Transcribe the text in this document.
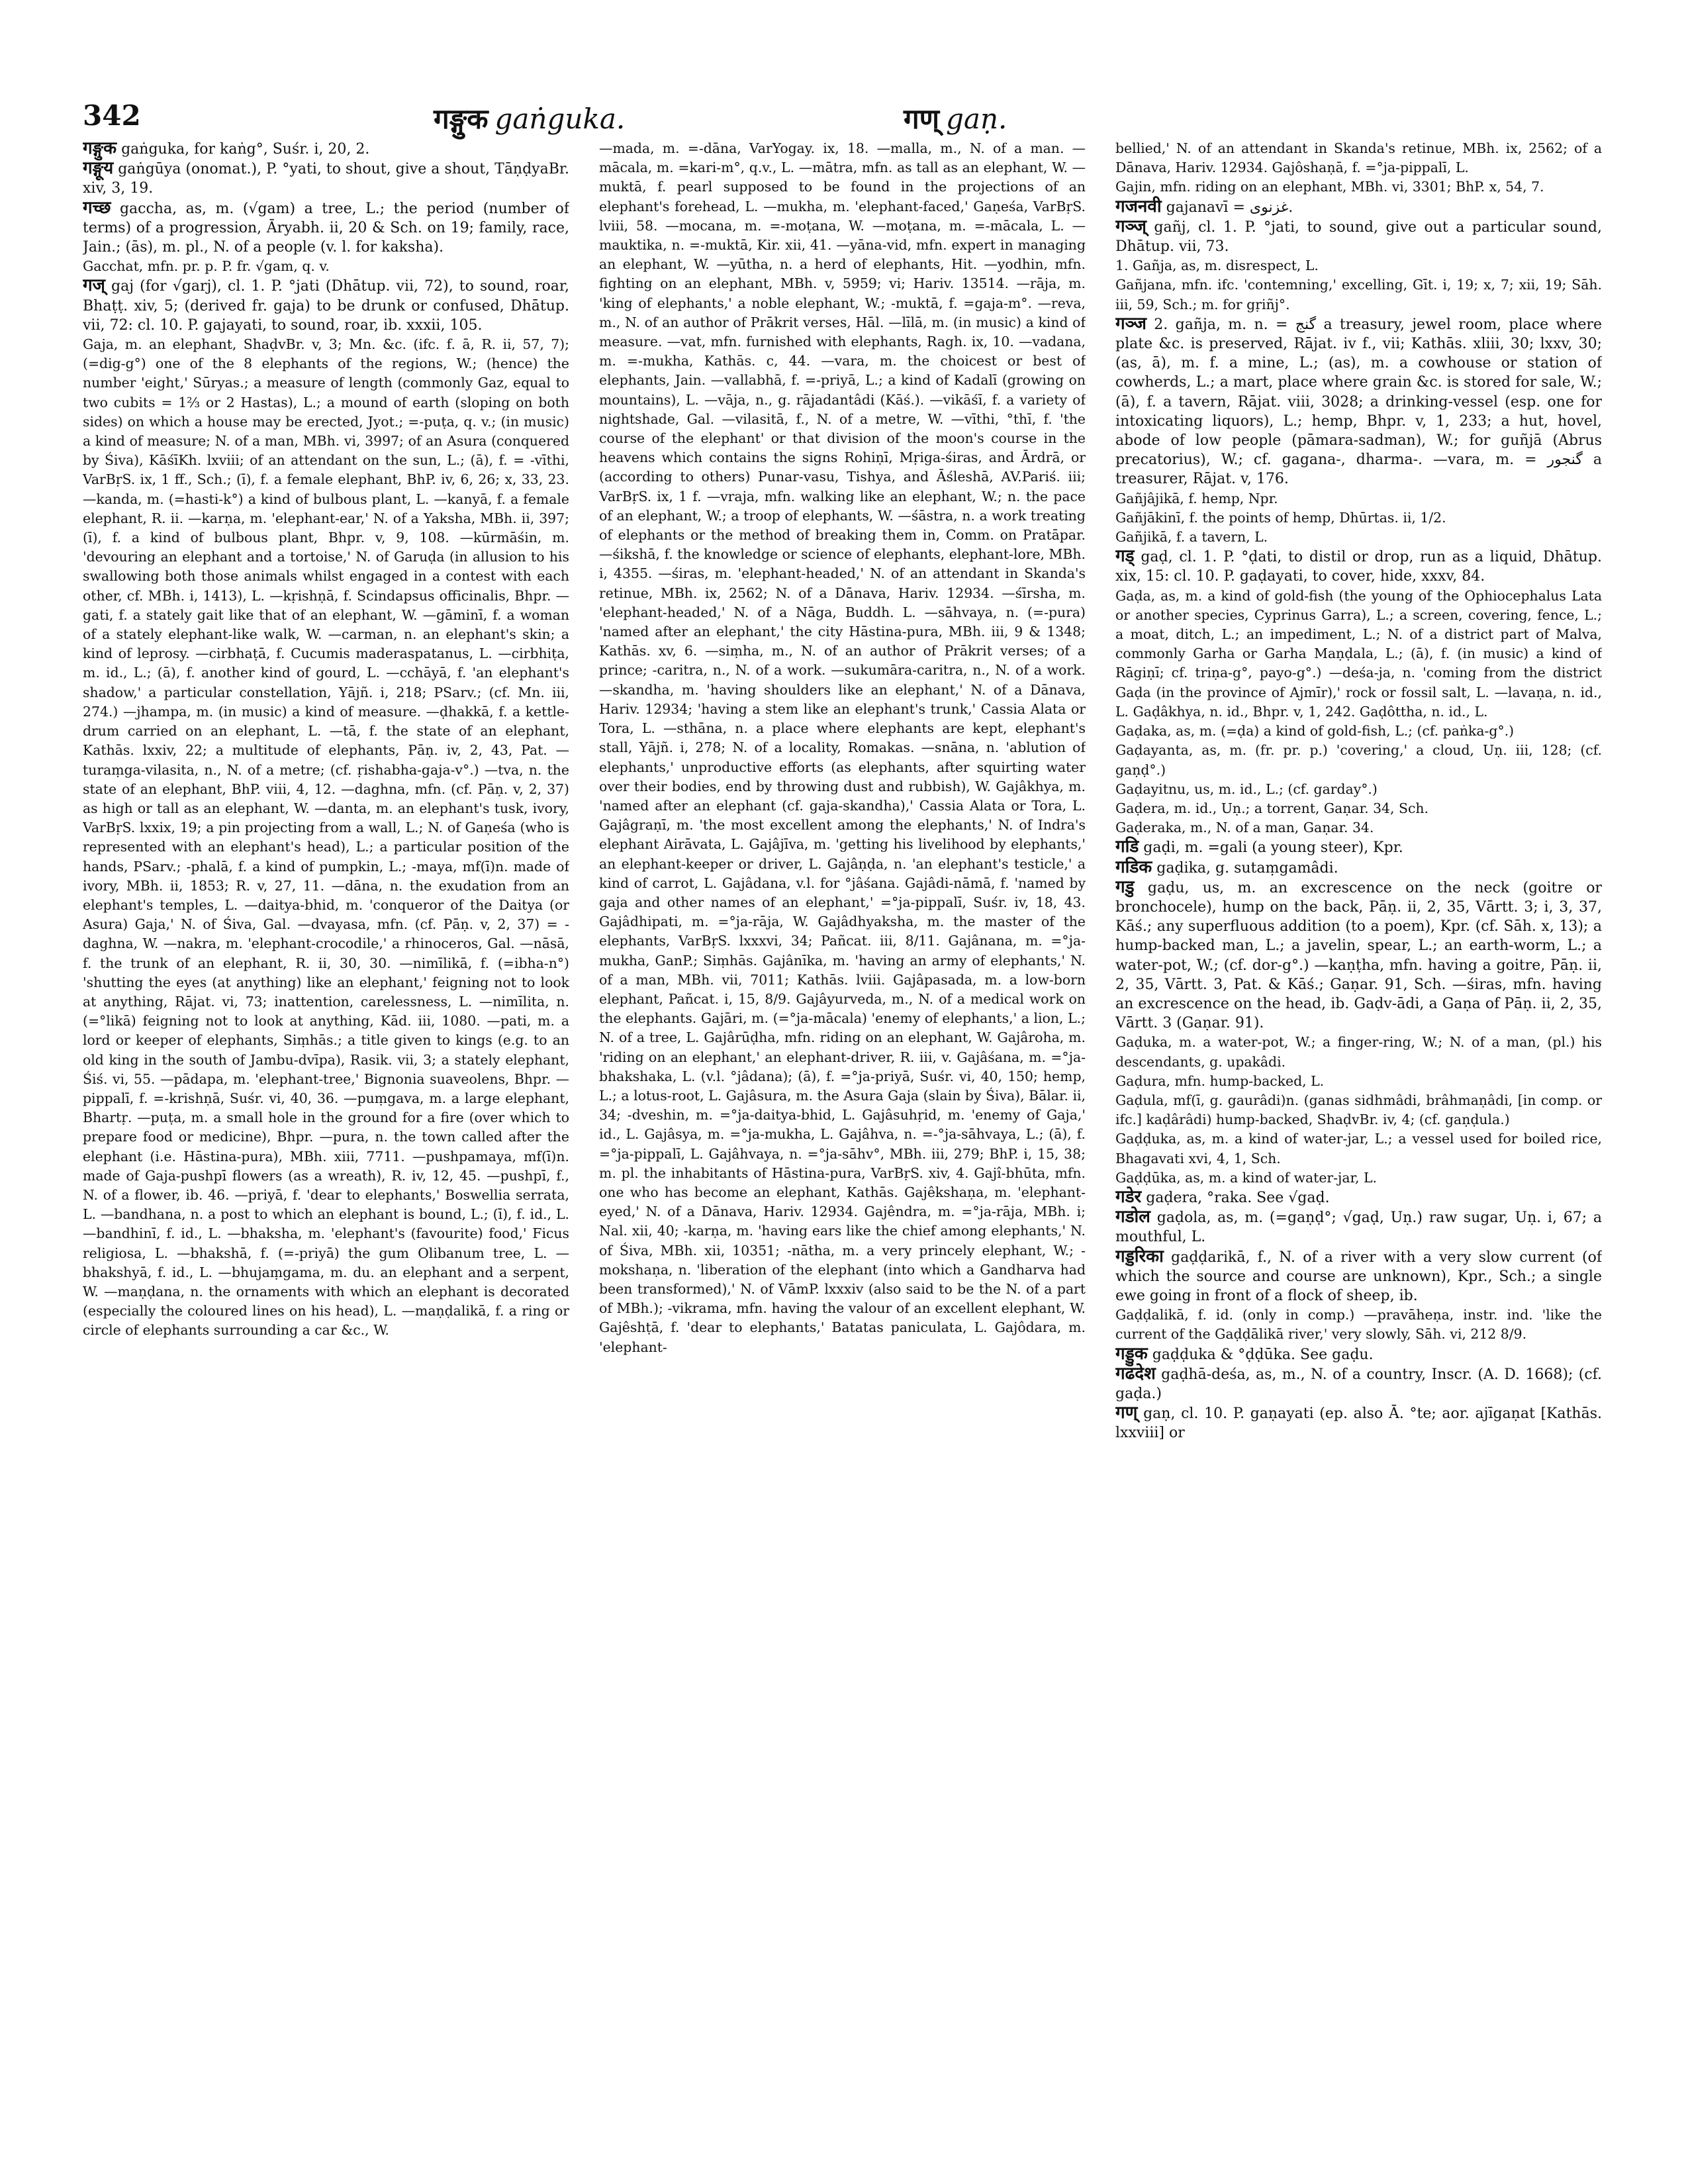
342	गङ्गुक gaṅguka.	गण् gaṇ.

गङ्गुक gaṅguka, for kaṅg°, Suśr. i, 20, 2.

गङ्गूय gaṅgūya (onomat.), P. °yati, to shout, give a shout, TāṇḍyaBr. xiv, 3, 19.

गच्छ gaccha, as, m. (√gam) a tree, L.; the period (number of terms) of a progression, Āryabh. ii, 20 & Sch. on 19; family, race, Jain.; (ās), m. pl., N. of a people (v. l. for kaksha).

Gacchat, mfn. pr. p. P. fr. √gam, q. v.

गज् gaj (for √garj), cl. 1. P. °jati (Dhātup. vii, 72), to sound, roar, Bhaṭṭ. xiv, 5; (derived fr. gaja) to be drunk or confused, Dhātup. vii, 72: cl. 10. P. gajayati, to sound, roar, ib. xxxii, 105.

Gaja, m. an elephant, ShaḍvBr. v, 3; Mn. &c. (ifc. f. ā, R. ii, 57, 7); (=dig-g°) one of the 8 elephants of the regions, W.; (hence) the number 'eight,' Sūryas.; a measure of length (commonly Gaz, equal to two cubits = 1⅔ or 2 Hastas), L.; a mound of earth (sloping on both sides) on which a house may be erected, Jyot.; =-puṭa, q. v.; (in music) a kind of measure; N. of a man, MBh. vi, 3997; of an Asura (conquered by Śiva), KāśīKh. lxviii; of an attendant on the sun, L.; (ā), f. = -vīthi, VarBṛS. ix, 1 ff., Sch.; (ī), f. a female elephant, BhP. iv, 6, 26; x, 33, 23. —kanda, m. (=hasti-k°) a kind of bulbous plant, L. —kanyā, f. a female elephant, R. ii. —karṇa, m. 'elephant-ear,' N. of a Yaksha, MBh. ii, 397; (ī), f. a kind of bulbous plant, Bhpr. v, 9, 108. —kūrmāśin, m. 'devouring an elephant and a tortoise,' N. of Garuḍa (in allusion to his swallowing both those animals whilst engaged in a contest with each other, cf. MBh. i, 1413), L. —kṛishṇā, f. Scindapsus officinalis, Bhpr. —gati, f. a stately gait like that of an elephant, W. —gāminī, f. a woman of a stately elephant-like walk, W. —carman, n. an elephant's skin; a kind of leprosy. —cirbhaṭā, f. Cucumis maderaspatanus, L. —cirbhiṭa, m. id., L.; (ā), f. another kind of gourd, L. —cchāyā, f. 'an elephant's shadow,' a particular constellation, Yājñ. i, 218; PSarv.; (cf. Mn. iii, 274.) —jhampa, m. (in music) a kind of measure. —ḍhakkā, f. a kettle-drum carried on an elephant, L. —tā, f. the state of an elephant, Kathās. lxxiv, 22; a multitude of elephants, Pāṇ. iv, 2, 43, Pat. —turaṃga-vilasita, n., N. of a metre; (cf. ṛishabha-gaja-v°.) —tva, n. the state of an elephant, BhP. viii, 4, 12. —daghna, mfn. (cf. Pāṇ. v, 2, 37) as high or tall as an elephant, W. —danta, m. an elephant's tusk, ivory, VarBṛS. lxxix, 19; a pin projecting from a wall, L.; N. of Gaṇeśa (who is represented with an elephant's head), L.; a particular position of the hands, PSarv.; -phalā, f. a kind of pumpkin, L.; -maya, mf(ī)n. made of ivory, MBh. ii, 1853; R. v, 27, 11. —dāna, n. the exudation from an elephant's temples, L. —daitya-bhid, m. 'conqueror of the Daitya (or Asura) Gaja,' N. of Śiva, Gal. —dvayasa, mfn. (cf. Pāṇ. v, 2, 37) = -daghna, W. —nakra, m. 'elephant-crocodile,' a rhinoceros, Gal. —nāsā, f. the trunk of an elephant, R. ii, 30, 30. —nimīlikā, f. (=ibha-n°) 'shutting the eyes (at anything) like an elephant,' feigning not to look at anything, Rājat. vi, 73; inattention, carelessness, L. —nimīlita, n. (=°likā) feigning not to look at anything, Kād. iii, 1080. —pati, m. a lord or keeper of elephants, Siṃhās.; a title given to kings (e.g. to an old king in the south of Jambu-dvīpa), Rasik. vii, 3; a stately elephant, Śiś. vi, 55. —pādapa, m. 'elephant-tree,' Bignonia suaveolens, Bhpr. —pippalī, f. =-krishṇā, Suśr. vi, 40, 36. —puṃgava, m. a large elephant, Bhartṛ. —puṭa, m. a small hole in the ground for a fire (over which to prepare food or medicine), Bhpr. —pura, n. the town called after the elephant (i.e. Hāstina-pura), MBh. xiii, 7711. —pushpamaya, mf(ī)n. made of Gaja-pushpī flowers (as a wreath), R. iv, 12, 45. —pushpī, f., N. of a flower, ib. 46. —priyā, f. 'dear to elephants,' Boswellia serrata, L. —bandhana, n. a post to which an elephant is bound, L.; (ī), f. id., L. —bandhinī, f. id., L. —bhaksha, m. 'elephant's (favourite) food,' Ficus religiosa, L. —bhakshā, f. (=-priyā) the gum Olibanum tree, L. —bhakshyā, f. id., L. —bhujaṃgama, m. du. an elephant and a serpent, W. —maṇḍana, n. the ornaments with which an elephant is decorated (especially the coloured lines on his head), L. —maṇḍalikā, f. a ring or circle of elephants surrounding a car &c., W.

—mada, m. =-dāna, VarYogay. ix, 18. —malla, m., N. of a man. —mācala, m. =kari-m°, q.v., L. —mātra, mfn. as tall as an elephant, W. —muktā, f. pearl supposed to be found in the projections of an elephant's forehead, L. —mukha, m. 'elephant-faced,' Gaṇeśa, VarBṛS. lviii, 58. —mocana, m. =-moṭana, W. —moṭana, m. =-mācala, L. —mauktika, n. =-muktā, Kir. xii, 41. —yāna-vid, mfn. expert in managing an elephant, W. —yūtha, n. a herd of elephants, Hit. —yodhin, mfn. fighting on an elephant, MBh. v, 5959; vi; Hariv. 13514. —rāja, m. 'king of elephants,' a noble elephant, W.; -muktā, f. =gaja-m°. —reva, m., N. of an author of Prākrit verses, Hāl. —līlā, m. (in music) a kind of measure. —vat, mfn. furnished with elephants, Ragh. ix, 10. —vadana, m. =-mukha, Kathās. c, 44. —vara, m. the choicest or best of elephants, Jain. —vallabhā, f. =-priyā, L.; a kind of Kadalī (growing on mountains), L. —vāja, n., g. rājadantâdi (Kāś.). —vikāśī, f. a variety of nightshade, Gal. —vilasitā, f., N. of a metre, W. —vīthi, °thī, f. 'the course of the elephant' or that division of the moon's course in the heavens which contains the signs Rohiṇī, Mṛiga-śiras, and Ārdrā, or (according to others) Punar-vasu, Tishya, and Āśleshā, AV.Pariś. iii; VarBṛS. ix, 1 f. —vraja, mfn. walking like an elephant, W.; n. the pace of an elephant, W.; a troop of elephants, W. —śāstra, n. a work treating of elephants or the method of breaking them in, Comm. on Pratāpar. —śikshā, f. the knowledge or science of elephants, elephant-lore, MBh. i, 4355. —śiras, m. 'elephant-headed,' N. of an attendant in Skanda's retinue, MBh. ix, 2562; N. of a Dānava, Hariv. 12934. —śīrsha, m. 'elephant-headed,' N. of a Nāga, Buddh. L. —sāhvaya, n. (=-pura) 'named after an elephant,' the city Hāstina-pura, MBh. iii, 9 & 1348; Kathās. xv, 6. —siṃha, m., N. of an author of Prākrit verses; of a prince; -caritra, n., N. of a work. —sukumāra-caritra, n., N. of a work. —skandha, m. 'having shoulders like an elephant,' N. of a Dānava, Hariv. 12934; 'having a stem like an elephant's trunk,' Cassia Alata or Tora, L. —sthāna, n. a place where elephants are kept, elephant's stall, Yājñ. i, 278; N. of a locality, Romakas. —snāna, n. 'ablution of elephants,' unproductive efforts (as elephants, after squirting water over their bodies, end by throwing dust and rubbish), W. Gajâkhya, m. 'named after an elephant (cf. gaja-skandha),' Cassia Alata or Tora, L. Gajâgraṇī, m. 'the most excellent among the elephants,' N. of Indra's elephant Airāvata, L. Gajâjīva, m. 'getting his livelihood by elephants,' an elephant-keeper or driver, L. Gajâṇḍa, n. 'an elephant's testicle,' a kind of carrot, L. Gajâdana, v.l. for °jâśana. Gajâdi-nāmā, f. 'named by gaja and other names of an elephant,' =°ja-pippalī, Suśr. iv, 18, 43. Gajâdhipati, m. =°ja-rāja, W. Gajâdhyaksha, m. the master of the elephants, VarBṛS. lxxxvi, 34; Pañcat. iii, 8/11. Gajânana, m. =°ja-mukha, GanP.; Siṃhās. Gajânīka, m. 'having an army of elephants,' N. of a man, MBh. vii, 7011; Kathās. lviii. Gajâpasada, m. a low-born elephant, Pañcat. i, 15, 8/9. Gajâyurveda, m., N. of a medical work on the elephants. Gajāri, m. (=°ja-mācala) 'enemy of elephants,' a lion, L.; N. of a tree, L. Gajârūḍha, mfn. riding on an elephant, W. Gajâroha, m. 'riding on an elephant,' an elephant-driver, R. iii, v. Gajâśana, m. =°ja-bhakshaka, L. (v.l. °jâdana); (ā), f. =°ja-priyā, Suśr. vi, 40, 150; hemp, L.; a lotus-root, L. Gajâsura, m. the Asura Gaja (slain by Śiva), Bālar. ii, 34; -dveshin, m. =°ja-daitya-bhid, L. Gajâsuhṛid, m. 'enemy of Gaja,' id., L. Gajâsya, m. =°ja-mukha, L. Gajâhva, n. =-°ja-sāhvaya, L.; (ā), f. =°ja-pippalī, L. Gajâhvaya, n. =°ja-sāhv°, MBh. iii, 279; BhP. i, 15, 38; m. pl. the inhabitants of Hāstina-pura, VarBṛS. xiv, 4. Gajî-bhūta, mfn. one who has become an elephant, Kathās. Gajêkshaṇa, m. 'elephant-eyed,' N. of a Dānava, Hariv. 12934. Gajêndra, m. =°ja-rāja, MBh. i; Nal. xii, 40; -karṇa, m. 'having ears like the chief among elephants,' N. of Śiva, MBh. xii, 10351; -nātha, m. a very princely elephant, W.; -mokshaṇa, n. 'liberation of the elephant (into which a Gandharva had been transformed),' N. of VāmP. lxxxiv (also said to be the N. of a part of MBh.); -vikrama, mfn. having the valour of an excellent elephant, W. Gajêshṭā, f. 'dear to elephants,' Batatas paniculata, L. Gajôdara, m. 'elephant-

bellied,' N. of an attendant in Skanda's retinue, MBh. ix, 2562; of a Dānava, Hariv. 12934. Gajôshaṇā, f. =°ja-pippalī, L.

Gajin, mfn. riding on an elephant, MBh. vi, 3301; BhP. x, 54, 7.

गजनवी gajanavī = غزنوی.

गञ्ज् gañj, cl. 1. P. °jati, to sound, give out a particular sound, Dhātup. vii, 73.

1. Gañja, as, m. disrespect, L.

Gañjana, mfn. ifc. 'contemning,' excelling, Gīt. i, 19; x, 7; xii, 19; Sāh. iii, 59, Sch.; m. for gṛiñj°.

गञ्ज 2. gañja, m. n. = گنج a treasury, jewel room, place where plate &c. is preserved, Rājat. iv f., vii; Kathās. xliii, 30; lxxv, 30; (as, ā), m. f. a mine, L.; (as), m. a cowhouse or station of cowherds, L.; a mart, place where grain &c. is stored for sale, W.; (ā), f. a tavern, Rājat. viii, 3028; a drinking-vessel (esp. one for intoxicating liquors), L.; hemp, Bhpr. v, 1, 233; a hut, hovel, abode of low people (pāmara-sadman), W.; for guñjā (Abrus precatorius), W.; cf. gagana-, dharma-. —vara, m. = گنجور a treasurer, Rājat. v, 176.

Gañjâjikā, f. hemp, Npr.

Gañjākinī, f. the points of hemp, Dhūrtas. ii, 1/2.

Gañjikā, f. a tavern, L.

गड् gaḍ, cl. 1. P. °ḍati, to distil or drop, run as a liquid, Dhātup. xix, 15: cl. 10. P. gaḍayati, to cover, hide, xxxv, 84.

Gaḍa, as, m. a kind of gold-fish (the young of the Ophiocephalus Lata or another species, Cyprinus Garra), L.; a screen, covering, fence, L.; a moat, ditch, L.; an impediment, L.; N. of a district part of Malva, commonly Garha or Garha Maṇḍala, L.; (ā), f. (in music) a kind of Rāgiṇī; cf. triṇa-g°, payo-g°.) —deśa-ja, n. 'coming from the district Gaḍa (in the province of Ajmīr),' rock or fossil salt, L. —lavaṇa, n. id., L. Gaḍâkhya, n. id., Bhpr. v, 1, 242. Gaḍôttha, n. id., L.

Gaḍaka, as, m. (=ḍa) a kind of gold-fish, L.; (cf. paṅka-g°.)

Gaḍayanta, as, m. (fr. pr. p.) 'covering,' a cloud, Uṇ. iii, 128; (cf. gaṇḍ°.)

Gaḍayitnu, us, m. id., L.; (cf. garday°.)

Gaḍera, m. id., Uṇ.; a torrent, Gaṇar. 34, Sch.

Gaḍeraka, m., N. of a man, Gaṇar. 34.

गडि gaḍi, m. =gali (a young steer), Kpr.

गडिक gaḍika, g. sutaṃgamâdi.

गडु gaḍu, us, m. an excrescence on the neck (goitre or bronchocele), hump on the back, Pāṇ. ii, 2, 35, Vārtt. 3; i, 3, 37, Kāś.; any superfluous addition (to a poem), Kpr. (cf. Sāh. x, 13); a hump-backed man, L.; a javelin, spear, L.; an earth-worm, L.; a water-pot, W.; (cf. dor-g°.) —kaṇṭha, mfn. having a goitre, Pāṇ. ii, 2, 35, Vārtt. 3, Pat. & Kāś.; Gaṇar. 91, Sch. —śiras, mfn. having an excrescence on the head, ib. Gaḍv-ādi, a Gaṇa of Pāṇ. ii, 2, 35, Vārtt. 3 (Gaṇar. 91).

Gaḍuka, m. a water-pot, W.; a finger-ring, W.; N. of a man, (pl.) his descendants, g. upakâdi.

Gaḍura, mfn. hump-backed, L.

Gaḍula, mf(ī, g. gaurâdi)n. (ganas sidhmâdi, brâhmaṇâdi, [in comp. or ifc.] kaḍârâdi) hump-backed, ShaḍvBr. iv, 4; (cf. gaṇḍula.)

Gaḍḍuka, as, m. a kind of water-jar, L.; a vessel used for boiled rice, Bhagavati xvi, 4, 1, Sch.

Gaḍḍūka, as, m. a kind of water-jar, L.

गडेर gaḍera, °raka. See √gaḍ.

गडोल gaḍola, as, m. (=gaṇḍ°; √gaḍ, Uṇ.) raw sugar, Uṇ. i, 67; a mouthful, L.

गड्डरिका gaḍḍarikā, f., N. of a river with a very slow current (of which the source and course are unknown), Kpr., Sch.; a single ewe going in front of a flock of sheep, ib.

Gaḍḍalikā, f. id. (only in comp.) —pravāheṇa, instr. ind. 'like the current of the Gaḍḍālikā river,' very slowly, Sāh. vi, 212 8/9.

गड्डुक gaḍḍuka & °ḍḍūka. See gaḍu.

गढदेश gaḍhā-deśa, as, m., N. of a country, Inscr. (A. D. 1668); (cf. gaḍa.)

गण् gaṇ, cl. 10. P. gaṇayati (ep. also Ā. °te; aor. ajīgaṇat [Kathās. lxxviii] or
